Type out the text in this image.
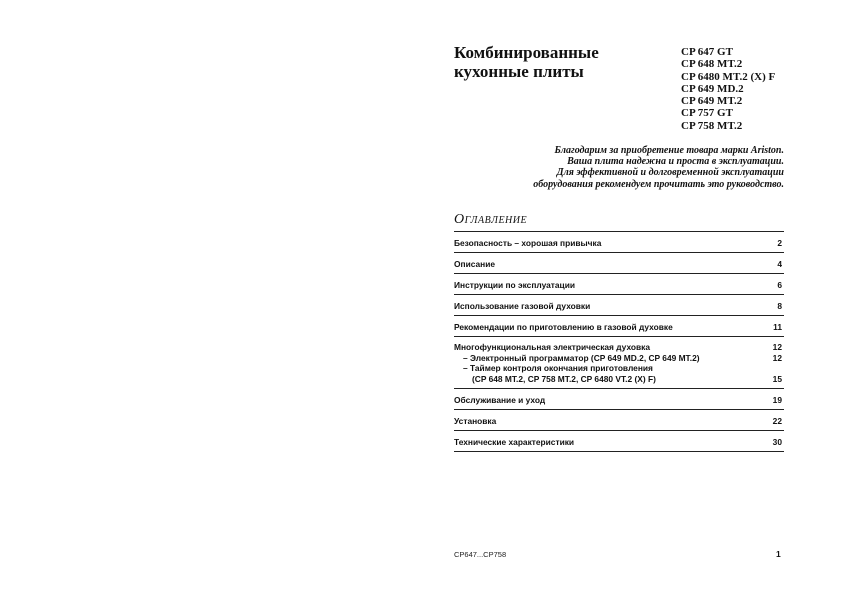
Комбинированные
кухонные плиты
CP 647 GT
CP 648 MT.2
CP 6480 MT.2 (X) F
CP 649 MD.2
CP 649 MT.2
CP 757 GT
CP 758 MT.2
Благодарим за приобретение товара марки Ariston.
Ваша плита надежна и проста в эксплуатации.
Для эффективной и долговременной эксплуатации
оборудования рекомендуем прочитать это руководство.
ОГЛАВЛЕНИЕ
Безопасность – хорошая привычка	2
Описание	4
Инструкции по эксплуатации	6
Использование газовой духовки	8
Рекомендации по приготовлению в газовой духовке	11
Многофункциональная электрическая духовка	12
– Электронный программатор (CP 649 MD.2, CP 649 MT.2)	12
– Таймер контроля окончания приготовления
(CP 648 MT.2, CP 758 MT.2, CP 6480 VT.2 (X) F)	15
Обслуживание и уход	19
Установка	22
Технические характеристики	30
CP647...CP758	1
